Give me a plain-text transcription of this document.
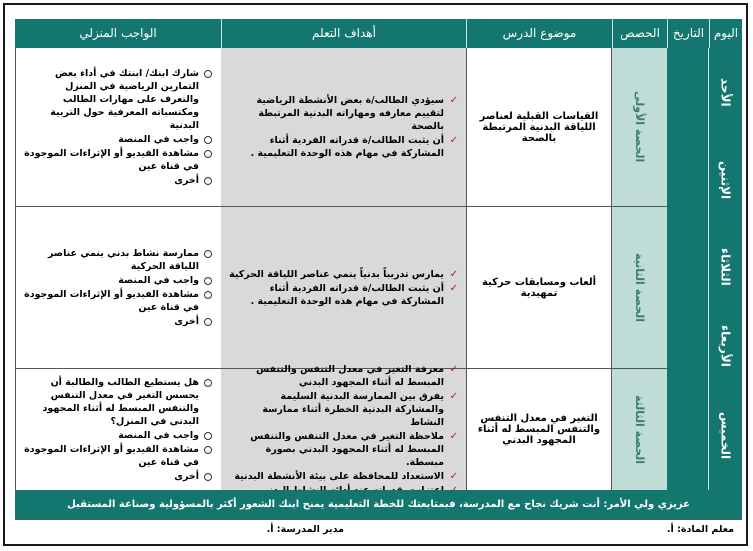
اليوم
التاريخ
الحصص
موضوع الدرس
أهداف التعلم
الواجب المنزلي
الأحد
الإثنين
الثلاثاء
الأربعاء
الخميس
الحصة الأولى
القياسات القبلية لعناصر اللياقة البدنية المرتبطة بالصحة
✓ سيؤدي الطالب/ة بعض الأنشطة الرياضية لتقييم معارفه ومهاراته البدنية المرتبطة بالصحة
✓ أن يثبت الطالب/ة قدراته الفردية أثناء المشاركة في مهام هذه الوحدة التعليمية .
شارك ابنك/ ابنتك في أداء بعض التمارين الرياضية في المنزل والتعرف على مهارات الطالب ومكتسباته المعرفية حول التربية البدنية
واجب في المنصة
مشاهدة الفيديو أو الإثراءات الموجودة في قناة عين
أخرى
الحصة الثانية
ألعاب ومسابقات حركية تمهيدية
✓ يمارس تدريباً بدنياً ينمي عناصر اللياقة الحركية
✓ أن يثبت الطالب/ة قدراته الفردية أثناء المشاركة في مهام هذه الوحدة التعليمية .
ممارسة نشاط بدني ينمي عناصر اللياقة الحركية
واجب في المنصة
مشاهدة الفيديو أو الإثراءات الموجودة في قناة عين
أخرى
الحصة الثالثة
التغير في معدل التنفس والتنفس المبسط له أثناء المجهود البدني
✓ معرفة التغير في معدل التنفس والتنفس المبسط له أثناء المجهود البدني
✓ يفرق بين الممارسة البدنية السليمة والمشاركة البدنية الخطرة أثناء ممارسة النشاط
✓ ملاحظة التغير في معدل التنفس والتنفس المبسط له أثناء المجهود البدني بصورة مبسطة.
✓ الاستعداد للمحافظة على بيئة الأنشطة البدنية
✓
هل يستطيع الطالب والطالبة أن يحسس التغير في معدل التنفس والتنفس المبسط له أثناء المجهود البدني في المنزل؟
واجب في المنصة
مشاهدة الفيديو أو الإثراءات الموجودة في قناة عين
أخرى
عزيزي ولي الأمر: أنت شريك نجاح مع المدرسة، فبمتابعتك للخطة التعليمية يمنح ابنك الشعور أكثر بالمسؤولية وصناعة المستقبل
معلم المادة: أ.
مدير المدرسة: أ.
